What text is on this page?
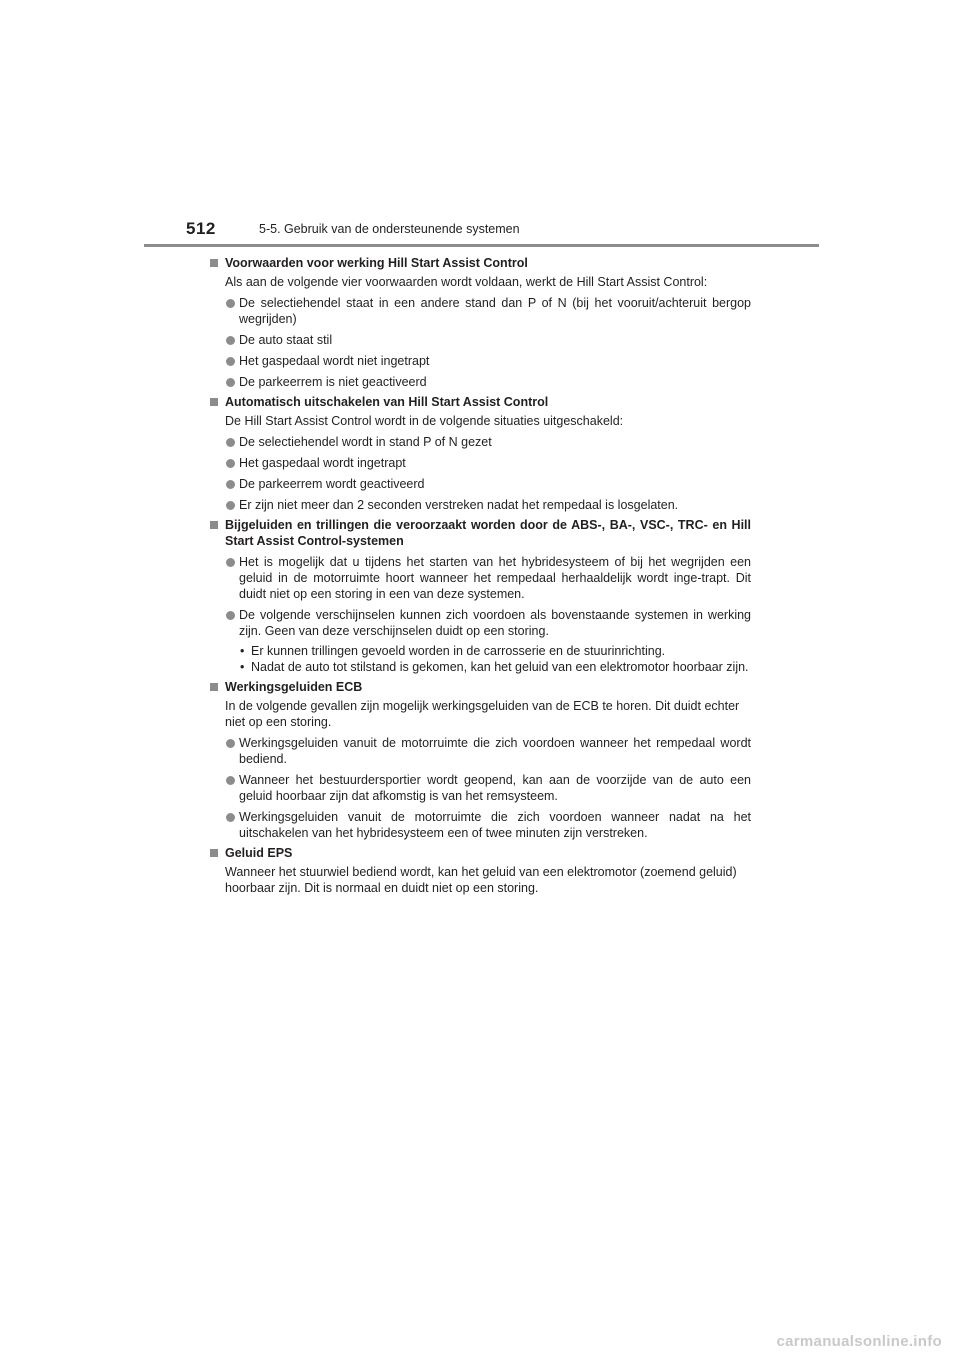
512	5-5. Gebruik van de ondersteunende systemen
Voorwaarden voor werking Hill Start Assist Control
Als aan de volgende vier voorwaarden wordt voldaan, werkt de Hill Start Assist Control:
De selectiehendel staat in een andere stand dan P of N (bij het vooruit/achteruit bergop wegrijden)
De auto staat stil
Het gaspedaal wordt niet ingetrapt
De parkeerrem is niet geactiveerd
Automatisch uitschakelen van Hill Start Assist Control
De Hill Start Assist Control wordt in de volgende situaties uitgeschakeld:
De selectiehendel wordt in stand P of N gezet
Het gaspedaal wordt ingetrapt
De parkeerrem wordt geactiveerd
Er zijn niet meer dan 2 seconden verstreken nadat het rempedaal is losgelaten.
Bijgeluiden en trillingen die veroorzaakt worden door de ABS-, BA-, VSC-, TRC- en Hill Start Assist Control-systemen
Het is mogelijk dat u tijdens het starten van het hybridesysteem of bij het wegrijden een geluid in de motorruimte hoort wanneer het rempedaal herhaaldelijk wordt inge-trapt. Dit duidt niet op een storing in een van deze systemen.
De volgende verschijnselen kunnen zich voordoen als bovenstaande systemen in werking zijn. Geen van deze verschijnselen duidt op een storing.
• Er kunnen trillingen gevoeld worden in de carrosserie en de stuurinrichting.
• Nadat de auto tot stilstand is gekomen, kan het geluid van een elektromotor hoorbaar zijn.
Werkingsgeluiden ECB
In de volgende gevallen zijn mogelijk werkingsgeluiden van de ECB te horen. Dit duidt echter niet op een storing.
Werkingsgeluiden vanuit de motorruimte die zich voordoen wanneer het rempedaal wordt bediend.
Wanneer het bestuurdersportier wordt geopend, kan aan de voorzijde van de auto een geluid hoorbaar zijn dat afkomstig is van het remsysteem.
Werkingsgeluiden vanuit de motorruimte die zich voordoen wanneer nadat na het uitschakelen van het hybridesysteem een of twee minuten zijn verstreken.
Geluid EPS
Wanneer het stuurwiel bediend wordt, kan het geluid van een elektromotor (zoemend geluid) hoorbaar zijn. Dit is normaal en duidt niet op een storing.
carmanualsonline.info
